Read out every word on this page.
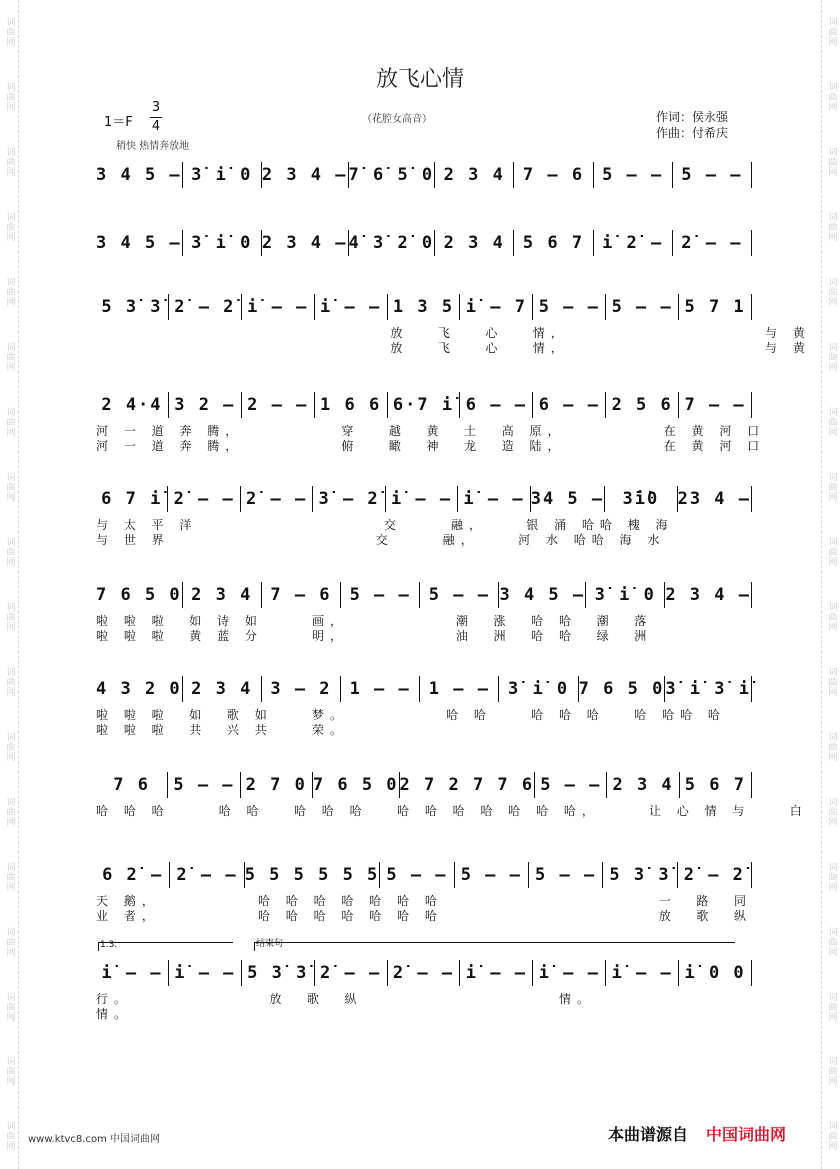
词曲网
词曲网
词曲网
词曲网
词曲网
词曲网
词曲网
词曲网
词曲网
词曲网
词曲网
词曲网
词曲网
词曲网
词曲网
词曲网
词曲网
词曲网
词曲网
词曲网
词曲网
词曲网
词曲网
词曲网
词曲网
词曲网
词曲网
词曲网
词曲网
词曲网
词曲网
词曲网
词曲网
词曲网
词曲网
词曲网
放飞心情
（花腔女高音）
1＝F
3
4
作词：侯永强
作曲：付希庆
稍快 热情奔放地
3 4 5 – 3̇ i̇ 0 2 3 4 – 7̇ 6̇ 5̇ 0 2 3 4	7 – 6	5 – –	5 – –
3 4 5 – 3̇ i̇ 0 2 3 4 – 4̇ 3̇ 2̇ 0 2 3 4	5 6 7	i̇ 2̇ –	2̇ – –
5 3̇ 3̇ 2̇ – 2̇ i̇ – – i̇ – – 1 3 5 i̇ – 7 5 – – 5 – – 5 7 1
放   飞   心   情，                    与 黄
放   飞   心   情，                    与 黄
2 4·4 3 2 – 2 – – 1 6 6 6·7 i̇ 6 – – 6 – – 2 5 6 7 – –
河 一 道 奔 腾，          穿   越  黄  土  高 原，          在 黄 河 口
河 一 道 奔 腾，          俯   瞰  神  龙  造 陆，          在 黄 河 口
6 7 i̇ 2̇ – – 2̇ – – 3̇ – 2̇ i̇ – – i̇ – – 34 5 –	3̇i̇0	23 4 –
与 太 平 洋                   交     融，    银 涌 哈哈 槐 海
与 世 界                     交     融，    河 水 哈哈 海 水
7 6 5 0 2 3 4	7 – 6	5 – –	5 – – 3 4 5 – 3̇ i̇ 0 2 3 4 –
啦 啦 啦  如 诗 如     画，           潮  涨  哈 哈  潮  落
啦 啦 啦  黄 蓝 分     明，           油  洲  哈 哈  绿  洲
4 3 2 0 2 3 4	3 – 2	1 – –	1 – –	3̇ i̇ 0 7 6 5 0 3̇ i̇ 3̇ i̇
啦 啦 啦  如  歌 如    梦。          哈 哈    哈 哈 哈   哈 哈哈 哈
啦 啦 啦  共  兴 共    荣。
7 6	5 – – 2 7 0 7 6 5 0 2 7 2 7 7 6 5 – – 2 3 4 5 6 7
哈 哈 哈     哈 哈   哈 哈 哈   哈 哈 哈 哈 哈 哈 哈，     让 心 情 与    白
6 2̇ – 2̇ – – 5 5 5 5 5 5 5 – – 5 – – 5 – – 5 3̇ 3̇ 2̇ – 2̇
天 鹅，          哈 哈 哈 哈 哈 哈 哈                      一  路  同
业 者，          哈 哈 哈 哈 哈 哈 哈                      放  歌  纵
i̇ – – i̇ – – 5 3̇ 3̇ 2̇ – – 2̇ – – i̇ – – i̇ – – i̇ – – i̇ 0 0
行。              放  歌  纵                    情。
情。
1.3.	结束句
www.ktvc8.com 中国词曲网	本曲谱源自 中国词曲网
